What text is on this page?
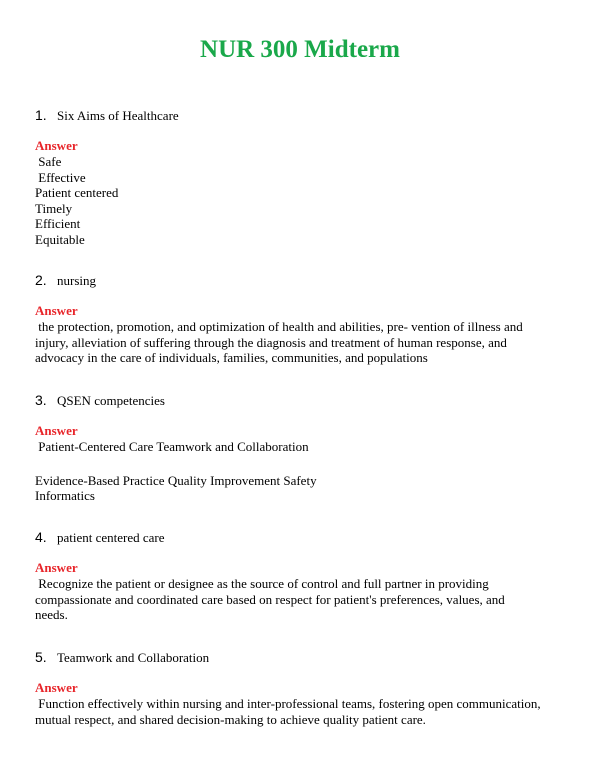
NUR 300 Midterm
1. Six Aims of Healthcare
Answer
Safe
Effective
Patient centered
Timely
Efficient
Equitable
2. nursing
Answer
the protection, promotion, and optimization of health and abilities, pre- vention of illness and
injury, alleviation of suffering through the diagnosis and treatment of human response, and
advocacy in the care of individuals, families, communities, and populations
3. QSEN competencies
Answer
Patient-Centered Care Teamwork and Collaboration
Evidence-Based Practice Quality Improvement Safety
Informatics
4. patient centered care
Answer
Recognize the patient or designee as the source of control and full partner in providing
compassionate and coordinated care based on respect for patient's preferences, values, and
needs.
5. Teamwork and Collaboration
Answer
Function effectively within nursing and inter-professional teams, fostering open communication,
mutual respect, and shared decision-making to achieve quality patient care.
